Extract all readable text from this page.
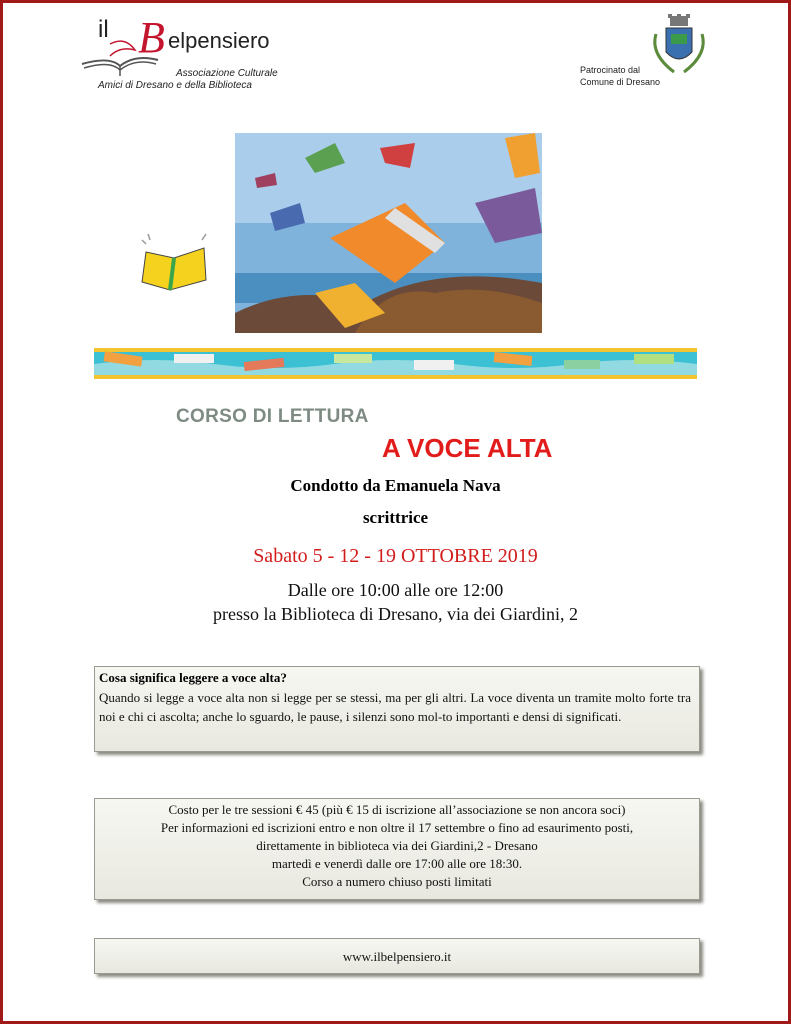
il B elpensiero
Associazione Culturale
Amici di Dresano e della Biblioteca
Patrocinato dal
Comune di Dresano
CORSO DI LETTURA
A VOCE ALTA
Condotto da Emanuela Nava
scrittrice
Sabato 5 - 12 - 19 OTTOBRE 2019
Dalle ore 10:00 alle ore 12:00
presso la Biblioteca di Dresano, via dei Giardini, 2
Cosa significa leggere a voce alta?
Quando si legge a voce alta non si legge per se stessi, ma per gli altri. La voce diventa un tramite molto forte tra noi e chi ci ascolta; anche lo sguardo, le pause, i silenzi sono mol-to importanti e densi di significati.
Costo per le tre sessioni € 45 (più € 15 di iscrizione all’associazione se non ancora soci)
Per informazioni ed iscrizioni entro e non oltre il 17 settembre o fino ad esaurimento posti,
direttamente in biblioteca via dei Giardini,2 - Dresano
martedì e venerdì dalle ore 17:00 alle ore 18:30.
Corso a numero chiuso posti limitati
www.ilbelpensiero.it
